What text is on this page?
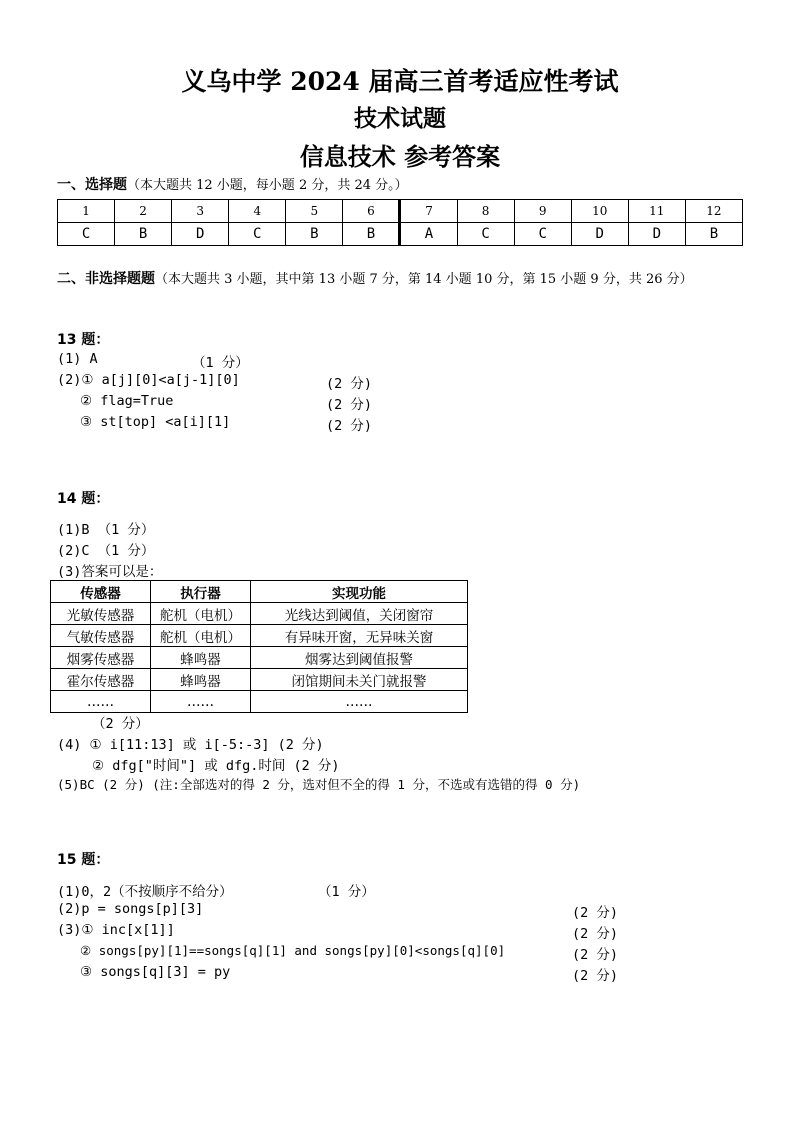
义乌中学 2024 届高三首考适应性考试
技术试题
信息技术 参考答案
一、选择题（本大题共 12 小题，每小题 2 分，共 24 分。）
1	2	3	4	5	6	7	8	9	10	11	12
C	B	D	C	B	B	A	C	C	D	D	B
二、非选择题题（本大题共 3 小题，其中第 13 小题 7 分，第 14 小题 10 分，第 15 小题 9 分，共 26 分）
13 题：
(1) A	（1 分）
(2)① a[j][0]<a[j-1][0]	(2 分)
② flag=True	(2 分)
③ st[top] <a[i][1]	(2 分)
14 题：
(1)B （1 分）
(2)C （1 分）
(3)答案可以是：
传感器	执行器	实现功能
光敏传感器	舵机（电机）	光线达到阈值，关闭窗帘
气敏传感器	舵机（电机）	有异味开窗，无异味关窗
烟雾传感器	蜂鸣器	烟雾达到阈值报警
霍尔传感器	蜂鸣器	闭馆期间未关门就报警
……	……	……
（2 分）
(4) ① i[11:13] 或 i[-5:-3] (2 分)
② dfg["时间"] 或 dfg.时间 (2 分)
(5)BC (2 分) (注:全部选对的得 2 分，选对但不全的得 1 分，不选或有选错的得 0 分)
15 题：
(1)0，2（不按顺序不给分）	（1 分）
(2)p = songs[p][3]	(2 分)
(3)① inc[x[1]]	(2 分)
② songs[py][1]==songs[q][1] and songs[py][0]<songs[q][0]	(2 分)
③ songs[q][3] = py	(2 分)
